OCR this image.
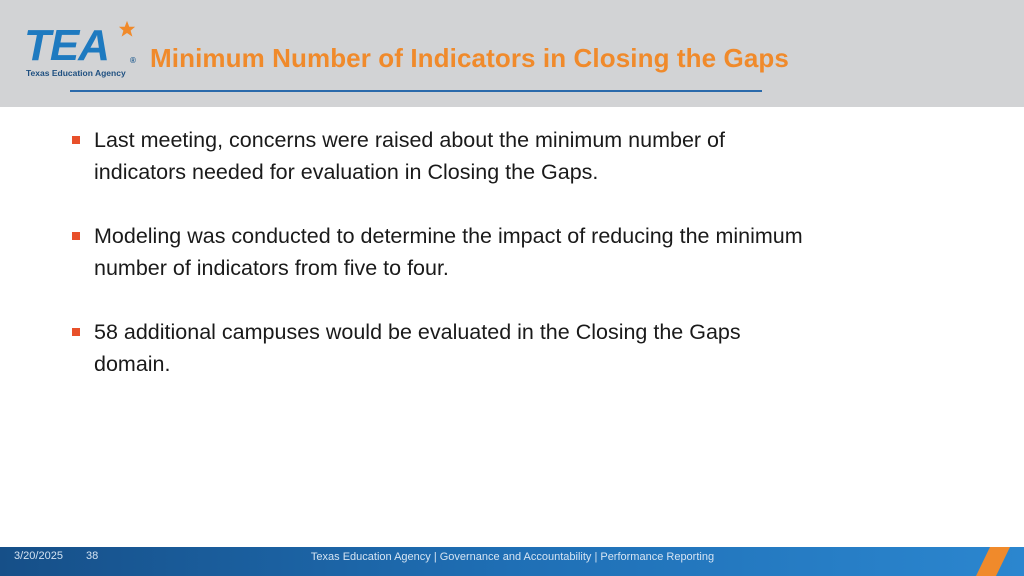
TEA	®
Texas Education Agency Minimum Number of Indicators in Closing the Gaps
Last meeting, concerns were raised about the minimum number of indicators needed for evaluation in Closing the Gaps.
Modeling was conducted to determine the impact of reducing the minimum number of indicators from five to four.
58 additional campuses would be evaluated in the Closing the Gaps domain.
3/20/2025 38	Texas Education Agency | Governance and Accountability | Performance Reporting
